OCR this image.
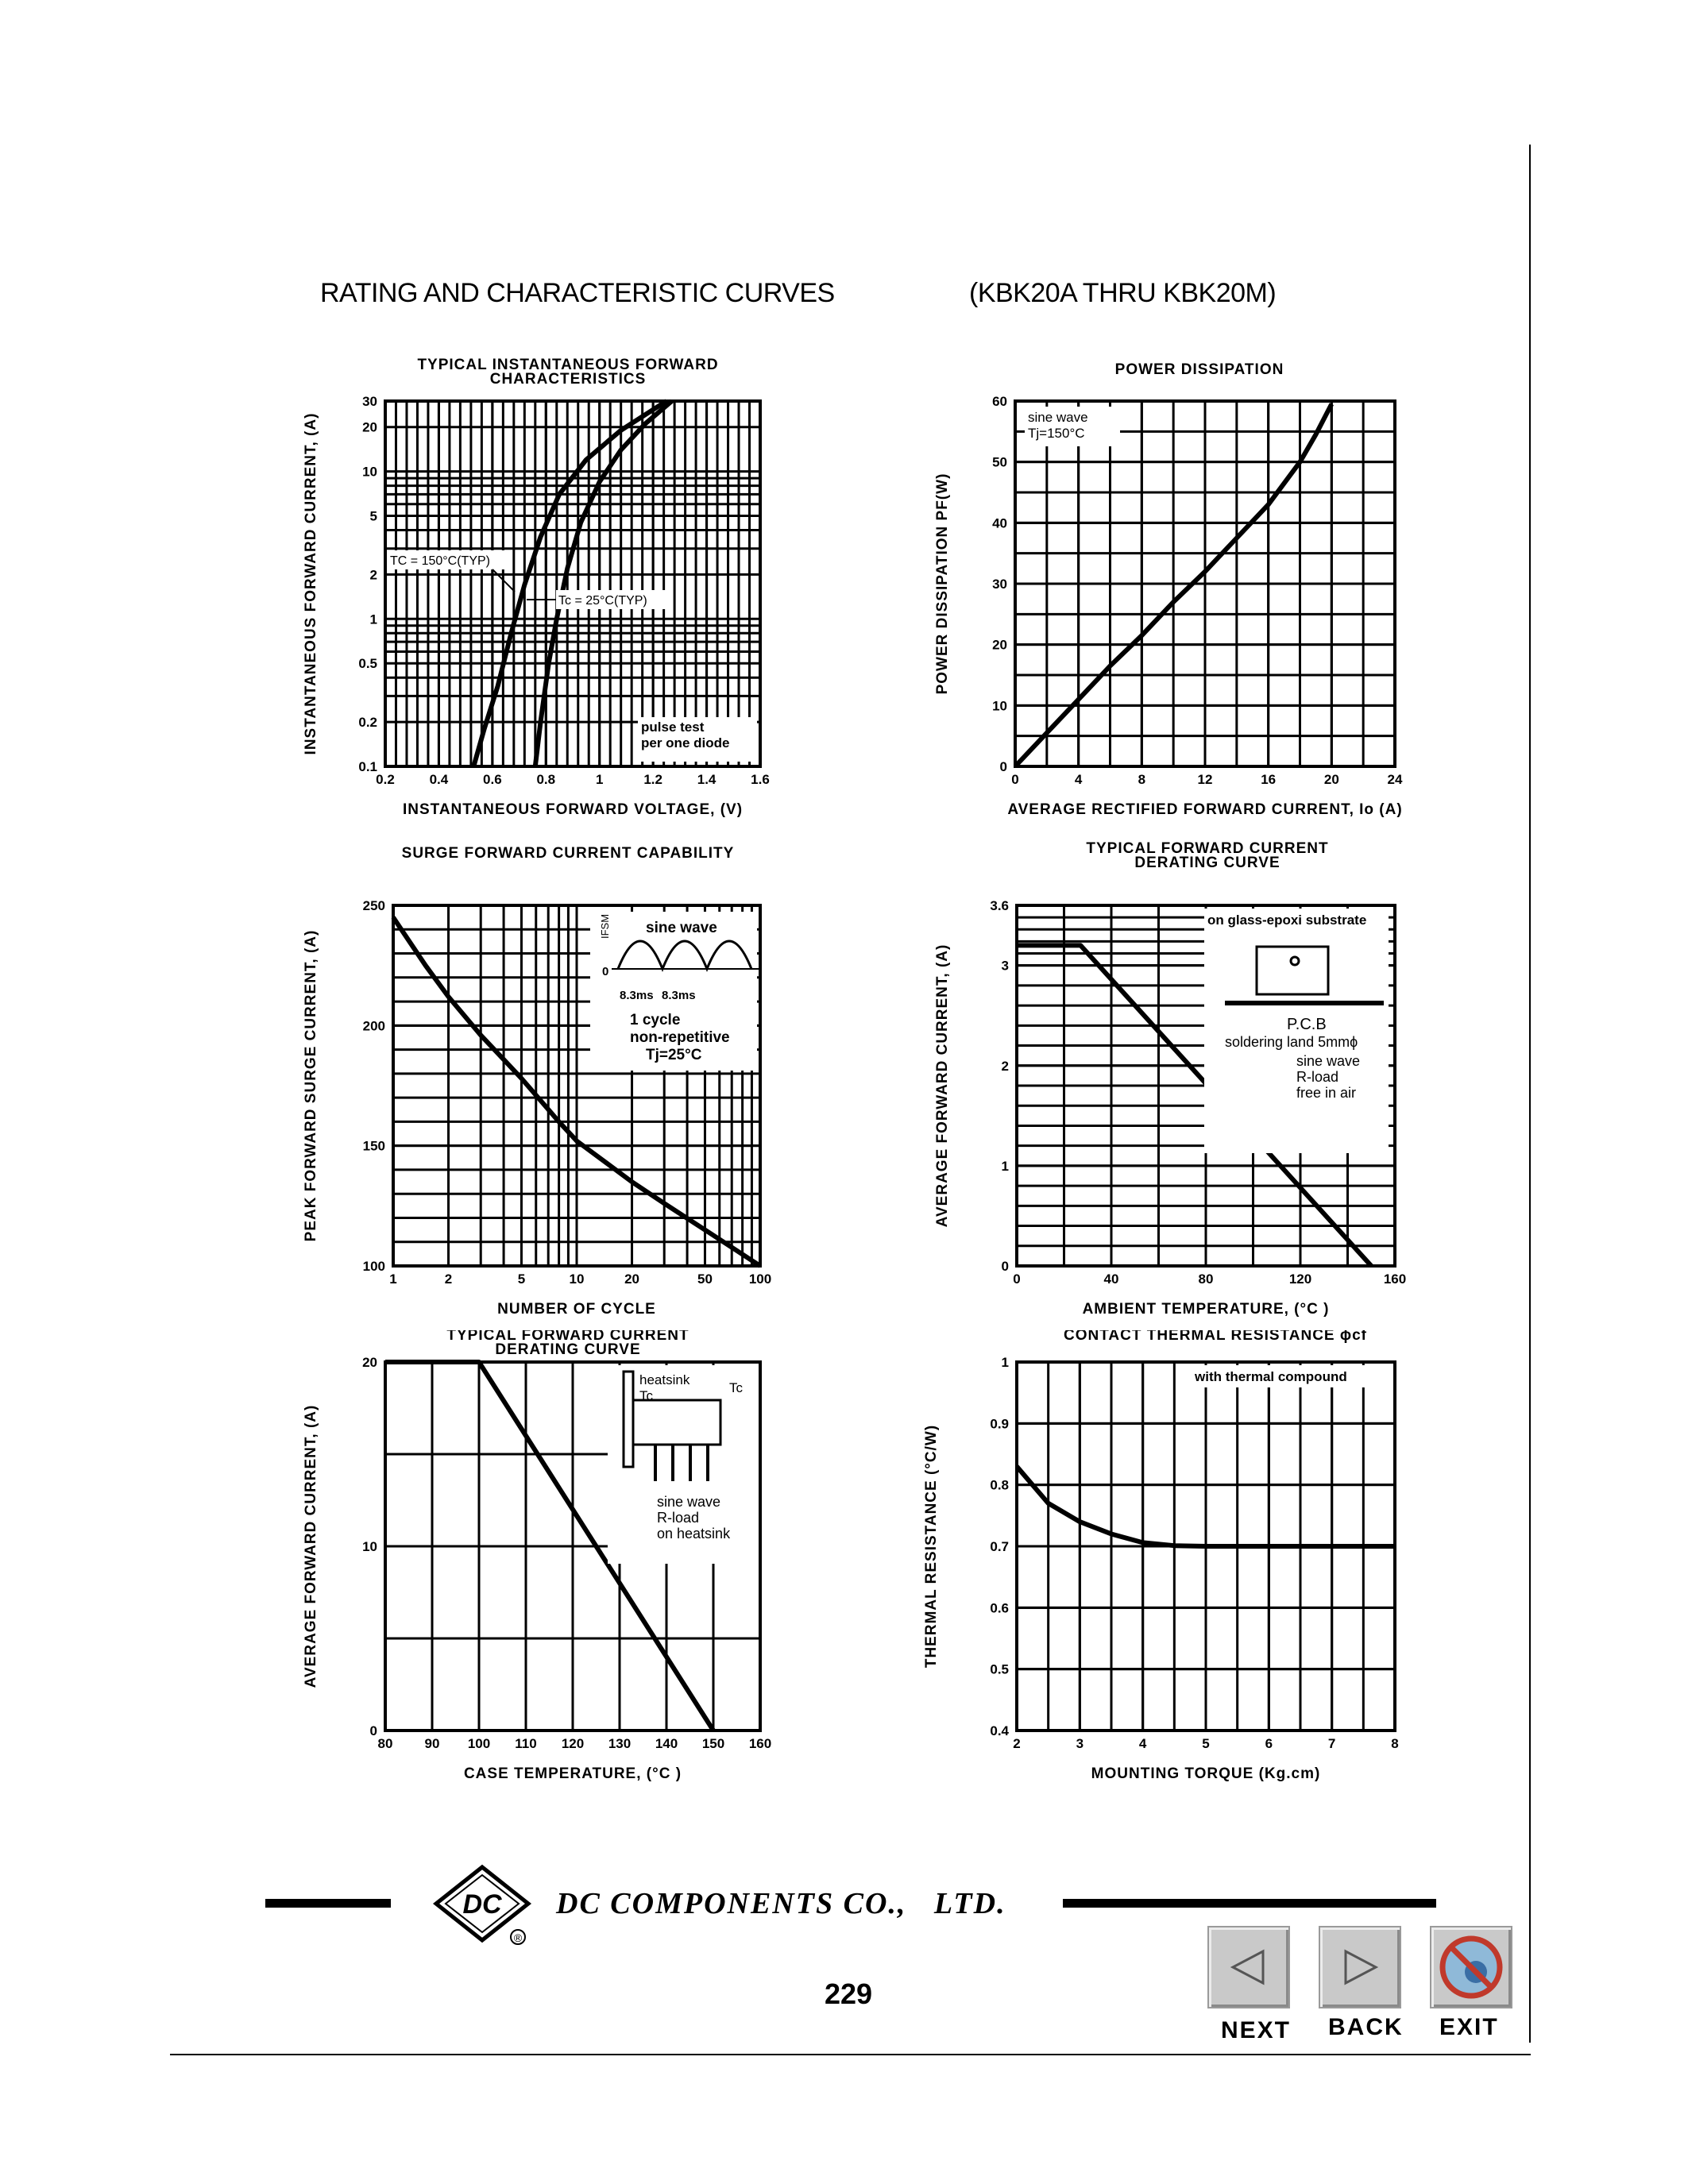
RATING AND CHARACTERISTIC CURVES	(KBK20A THRU KBK20M)
TYPICAL INSTANTANEOUS FORWARD
CHARACTERISTICS
0.2	0.4	0.6	0.8	1	1.2	1.4	1.6
0.1
0.2
0.5
1
2
5
10
20
30
INSTANTANEOUS FORWARD VOLTAGE, (V)
INSTANTANEOUS FORWARD CURRENT, (A)	TC = 150°C(TYP)
Tc = 25°C(TYP)
pulse test
per one diode
POWER DISSIPATION
0	4	8	12	16	20	24
0
10
20
30
40
50
60
AVERAGE RECTIFIED FORWARD CURRENT, Io (A)
POWER DISSIPATION PF(W)
sine wave
Tj=150°C
SURGE FORWARD CURRENT CAPABILITY
1	2	5	10	20	50	100
100
150
200
250
NUMBER OF CYCLE
PEAK FORWARD SURGE CURRENT, (A)
sine wave
IFSM
0
8.3ms 8.3ms
1 cycle
non-repetitive
Tj=25°C
TYPICAL FORWARD CURRENT
DERATING CURVE
0	40	80	120	160
0
1
2
3
3.6
AMBIENT TEMPERATURE, (°C )
AVERAGE FORWARD CURRENT, (A)
on glass-epoxi substrate
P.C.B
soldering land 5mmϕ
sine wave
R-load
free in air
TYPICAL FORWARD CURRENT
DERATING CURVE
80 90 100 110 120 130 140 150 160
0
10
20
CASE TEMPERATURE, (°C )
AVERAGE FORWARD CURRENT, (A)
heatsink
Tc
Tc
sine wave
R-load
on heatsink
CONTACT THERMAL RESISTANCE ϕcf
2	3	4	5	6	7	8
0.4
0.5
0.6
0.7
0.8
0.9
1
MOUNTING TORQUE (Kg.cm)
THERMAL RESISTANCE (°C/W)
with thermal compound
DC
®
DC COMPONENTS CO.,   LTD.
229
NEXT BACK EXIT
